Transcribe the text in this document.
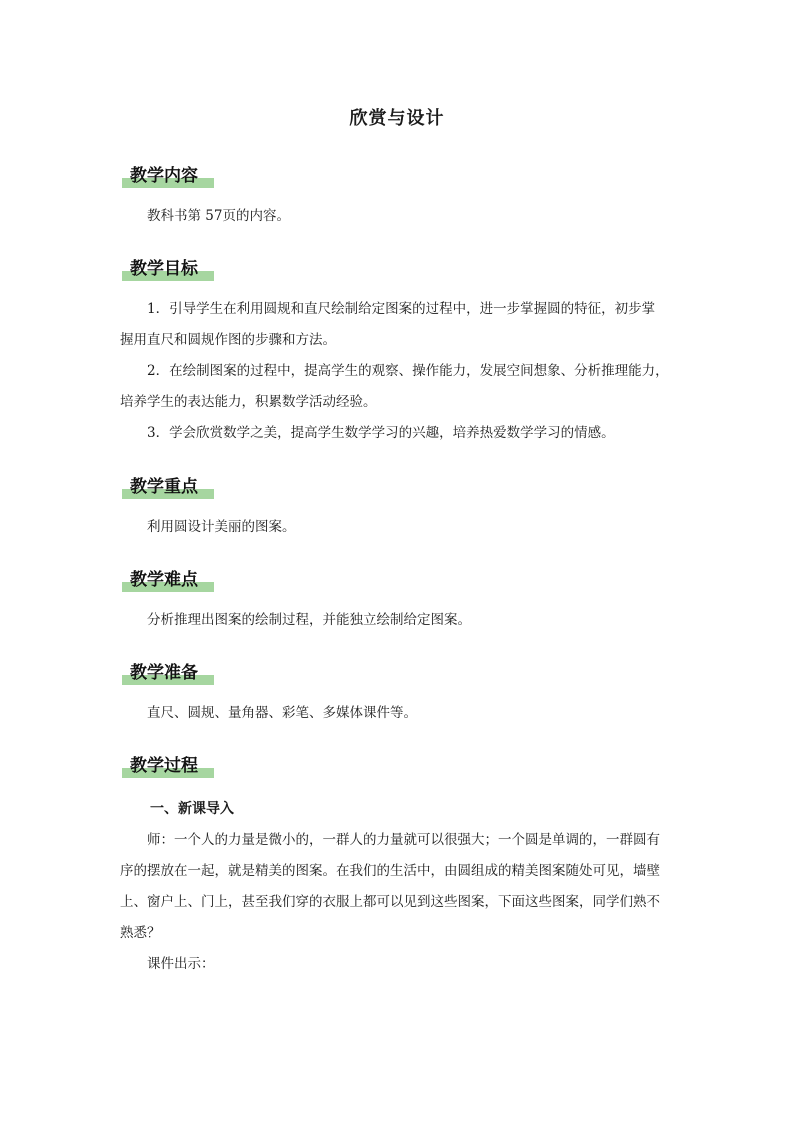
欣赏与设计
教学内容
教科书第 57页的内容。
教学目标
1．引导学生在利用圆规和直尺绘制给定图案的过程中，进一步掌握圆的特征，初步掌
握用直尺和圆规作图的步骤和方法。
2．在绘制图案的过程中，提高学生的观察、操作能力，发展空间想象、分析推理能力，
培养学生的表达能力，积累数学活动经验。
3．学会欣赏数学之美，提高学生数学学习的兴趣，培养热爱数学学习的情感。
教学重点
利用圆设计美丽的图案。
教学难点
分析推理出图案的绘制过程，并能独立绘制给定图案。
教学准备
直尺、圆规、量角器、彩笔、多媒体课件等。
教学过程
一、新课导入
师：一个人的力量是微小的，一群人的力量就可以很强大；一个圆是单调的，一群圆有
序的摆放在一起，就是精美的图案。在我们的生活中，由圆组成的精美图案随处可见，墙壁
上、窗户上、门上，甚至我们穿的衣服上都可以见到这些图案，下面这些图案，同学们熟不
熟悉？
课件出示：
